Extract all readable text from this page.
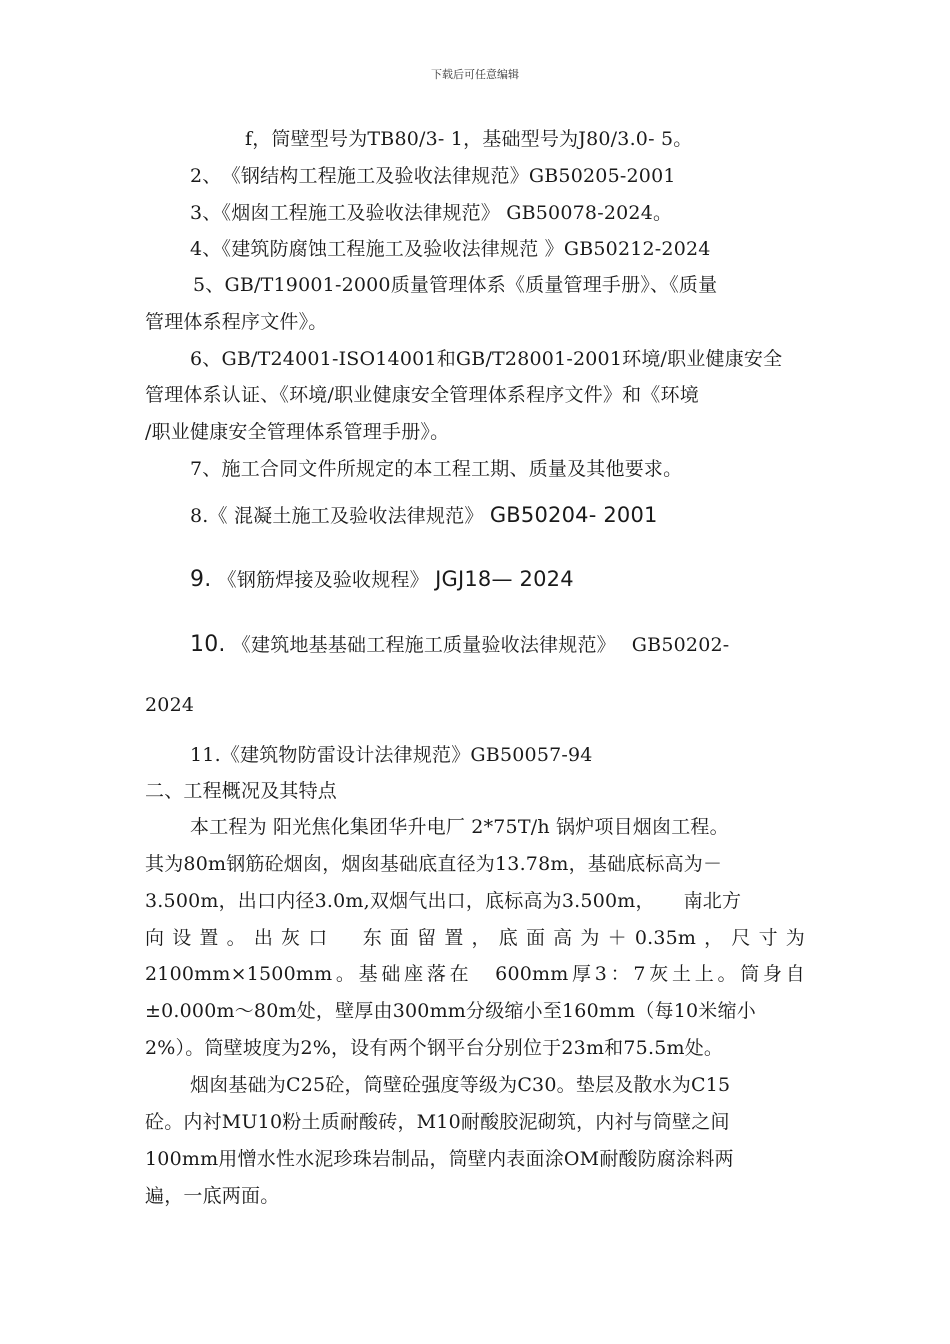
下载后可任意编辑
f，筒壁型号为TB80/3- 1，基础型号为J80/3.0- 5。
2、　《钢结构工程施工及验收法律规范》GB50205-2001
3、《烟囱工程施工及验收法律规范》 GB50078-2024。
4、《建筑防腐蚀工程施工及验收法律规范 》GB50212-2024
5、GB/T19001-2000质量管理体系《质量管理手册》、《质量
管理体系程序文件》。
6、GB/T24001-ISO14001和GB/T28001-2001环境/职业健康安全
管理体系认证、《环境/职业健康安全管理体系程序文件》和《环境
/职业健康安全管理体系管理手册》。
7、施工合同文件所规定的本工程工期、质量及其他要求。
8.《 混凝土施工及验收法律规范》 GB50204- 2001
9. 《钢筋焊接及验收规程》 JGJ18— 2024
10. 《建筑地基基础工程施工质量验收法律规范》　 GB50202-
2024
11.《建筑物防雷设计法律规范》GB50057-94
二、工程概况及其特点
本工程为 阳光焦化集团华升电厂 2*75T/h 锅炉项目烟囱工程。
其为80m钢筋砼烟囱，烟囱基础底直径为13.78m，基础底标高为－
3.500m，出口内径3.0m,双烟气出口，底标高为3.500m，　　南北方
向设置。出灰口　东面留置，底面高为＋0.35m，尺寸为
2100mm×1500mm。基础座落在　600mm厚3：7灰土上。筒身自
±0.000m～80m处，壁厚由300mm分级缩小至160mm（每10米缩小
2%）。筒壁坡度为2%，设有两个钢平台分别位于23m和75.5m处。
烟囱基础为C25砼，筒壁砼强度等级为C30。垫层及散水为C15
砼。内衬MU10粉土质耐酸砖，M10耐酸胶泥砌筑，内衬与筒壁之间
100mm用憎水性水泥珍珠岩制品，筒壁内表面涂OM耐酸防腐涂料两
遍，一底两面。
